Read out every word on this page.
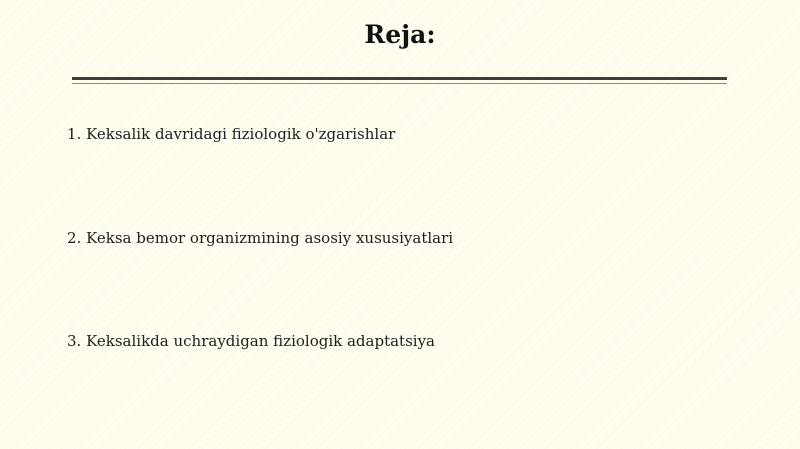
Reja:
1. Keksalik davridagi fiziologik o'zgarishlar
2. Keksa bemor organizmining asosiy xususiyatlari
3. Keksalikda uchraydigan fiziologik adaptatsiya
